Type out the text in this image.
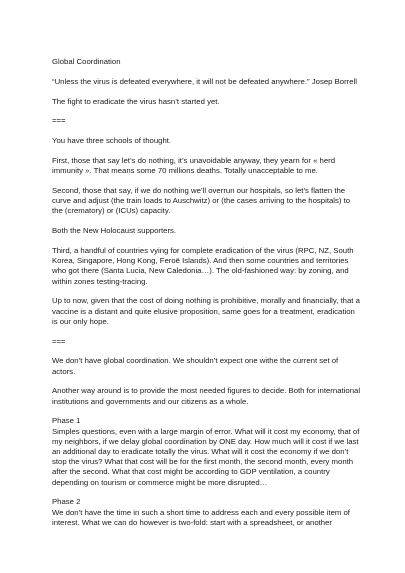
Global Coordination

“Unless the virus is defeated everywhere, it will not be defeated anywhere.” Josep Borrell

The fight to eradicate the virus hasn’t started yet.

===

You have three schools of thought.

First, those that say let’s do nothing, it’s unavoidable anyway, they yearn for « herd immunity ». That means some 70 millions deaths. Totally unacceptable to me.

Second, those that say, if we do nothing we’ll overrun our hospitals, so let’s flatten the curve and adjust (the train loads to Auschwitz) or (the cases arriving to the hospitals) to the (crematory) or (ICUs) capacity.

Both the New Holocaust supporters.

Third, a handful of countries vying for complete eradication of the virus (RPC, NZ, South Korea, Singapore, Hong Kong, Feroë Islands). And then some countries and territories who got there (Santa Lucia, New Caledonia…). The old-fashioned way: by zoning, and within zones testing-tracing.

Up to now, given that the cost of doing nothing is prohibitive, morally and financially, that a vaccine is a distant and quite elusive proposition, same goes for a treatment, eradication is our only hope.

===

We don’t have global coordination. We shouldn’t expect one withe the current set of actors.

Another way around is to provide the most needed figures to decide. Both for international institutions and governments and our citizens as a whole.

Phase 1

Simples questions, even with a large margin of error. What will it cost my economy, that of my neighbors, if we delay global coordination by ONE day. How much will it cost if we last an additional day to eradicate totally the virus. What will it cost the economy if we don’t stop the virus? What that cost will be for the first month, the second month, every month after the second. What that cost might be according to GDP ventilation, a country depending on tourism or commerce might be more disrupted…

Phase 2

We don’t have the time in such a short time to address each and every possible item of interest. What we can do however is two-fold: start with a spreadsheet, or another
